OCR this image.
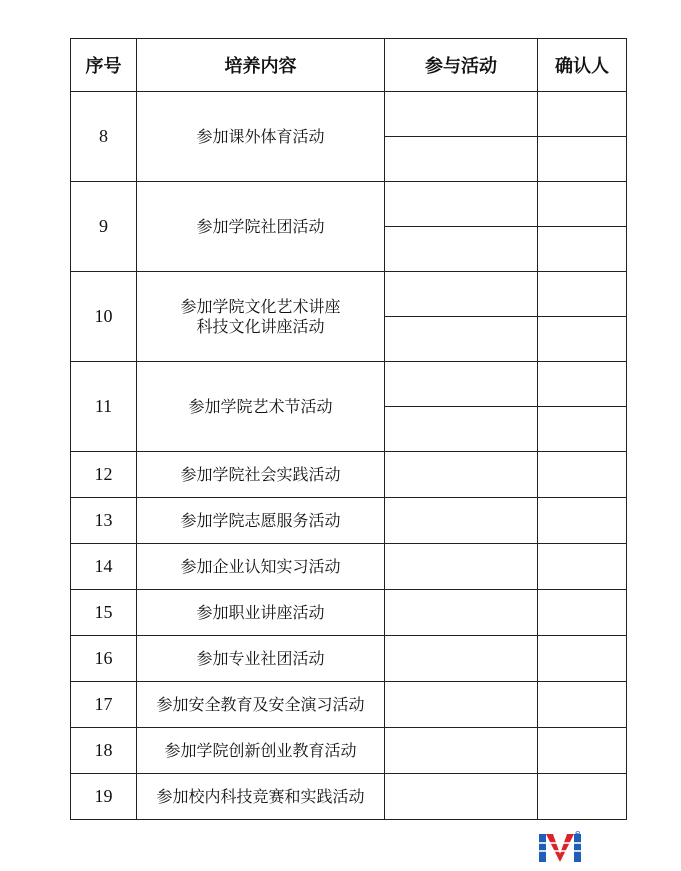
序号	培养内容	参与活动	确认人
8	参加课外体育活动		

9	参加学院社团活动		

10	参加学院文化艺术讲座
科技文化讲座活动		

11	参加学院艺术节活动		

12	参加学院社会实践活动		

13	参加学院志愿服务活动		

14	参加企业认知实习活动		

15	参加职业讲座活动		

16	参加专业社团活动		

17	参加安全教育及安全演习活动		

18	参加学院创新创业教育活动		

19	参加校内科技竞赛和实践活动		

e
